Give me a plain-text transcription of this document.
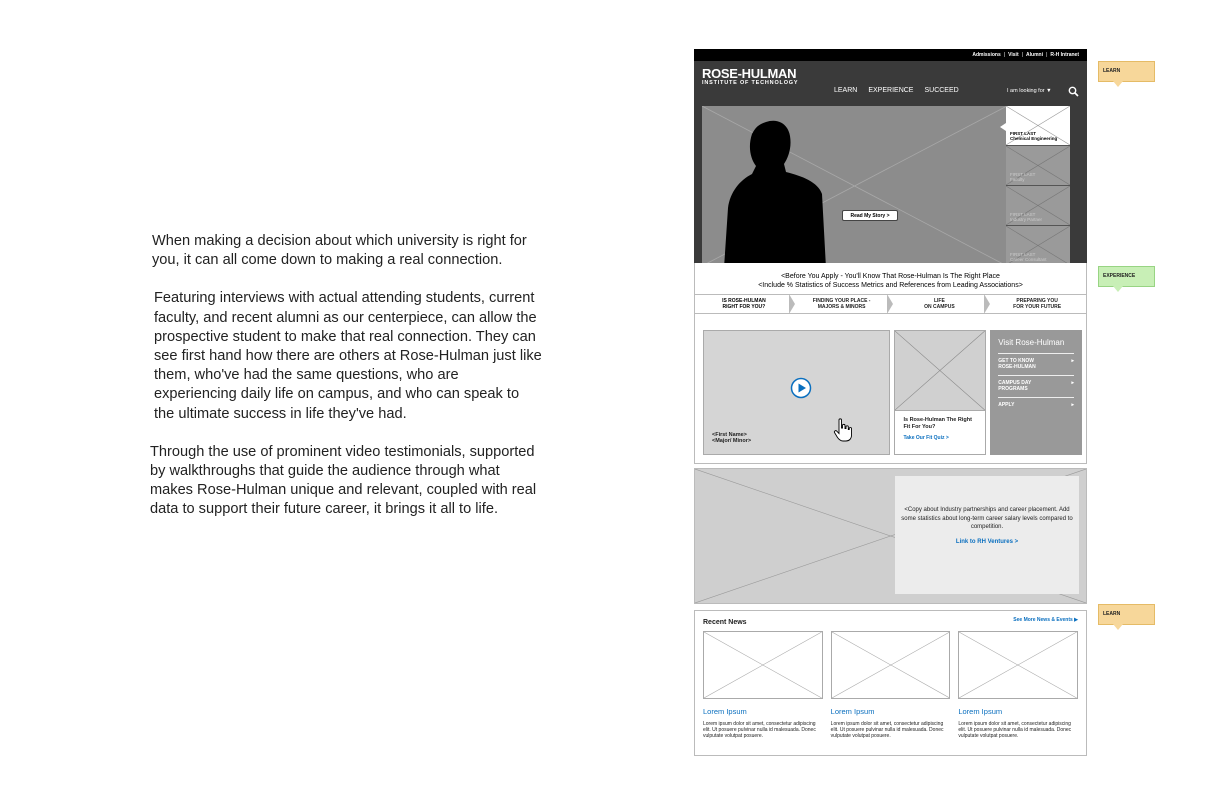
When making a decision about which university is right for you, it can all come down to making a real connection.

Featuring interviews with actual attending students, current faculty, and recent alumni as our centerpiece, can allow the prospective student to make that real connection. They can see first hand how there are others at Rose-Hulman just like them, who've had the same questions, who are experiencing daily life on campus, and who can speak to the ultimate success in life they've had.

Through the use of prominent video testimonials, supported by walkthroughs that guide the audience through what makes Rose-Hulman unique and relevant, coupled with real data to support their future career, it brings it all to life.

Admissions | Visit | Alumni | R-H Intranet
ROSE-HULMAN
INSTITUTE OF TECHNOLOGY
LEARN EXPERIENCE SUCCEED	I am looking for ▼
Read My Story >
FIRST LAST
Chemical Engineering
FIRST LAST
Faculty
FIRST LAST
Industry Partner
FIRST LAST
Career Consultant
<Before You Apply - You'll Know That Rose-Hulman Is The Right Place
<Include % Statistics of Success Metrics and References from Leading Associations>
IS ROSE-HULMAN
RIGHT FOR YOU?
FINDING YOUR PLACE -
MAJORS & MINORS
LIFE
ON CAMPUS
PREPARING YOU
FOR YOUR FUTURE
<First Name>
<Major/ Minor>
Is Rose-Hulman The Right Fit For You?
Take Our Fit Quiz >
Visit Rose-Hulman
GET TO KNOW
ROSE-HULMAN
▸
CAMPUS DAY
PROGRAMS
▸
APPLY	▸
<Copy about Industry partnerships and career placement. Add some statistics about long-term career salary levels compared to competition.
Link to RH Ventures >
Recent News	See More News & Events ▶
Lorem Ipsum
Lorem ipsum dolor sit amet, consectetur adipiscing elit. Ut posuere pulvinar nulla id malesuada. Donec vulputate volutpat posuere.
Lorem Ipsum
Lorem ipsum dolor sit amet, consectetur adipiscing elit. Ut posuere pulvinar nulla id malesuada. Donec vulputate volutpat posuere.
Lorem Ipsum
Lorem ipsum dolor sit amet, consectetur adipiscing elit. Ut posuere pulvinar nulla id malesuada. Donec vulputate volutpat posuere.
LEARN
EXPERIENCE
LEARN
